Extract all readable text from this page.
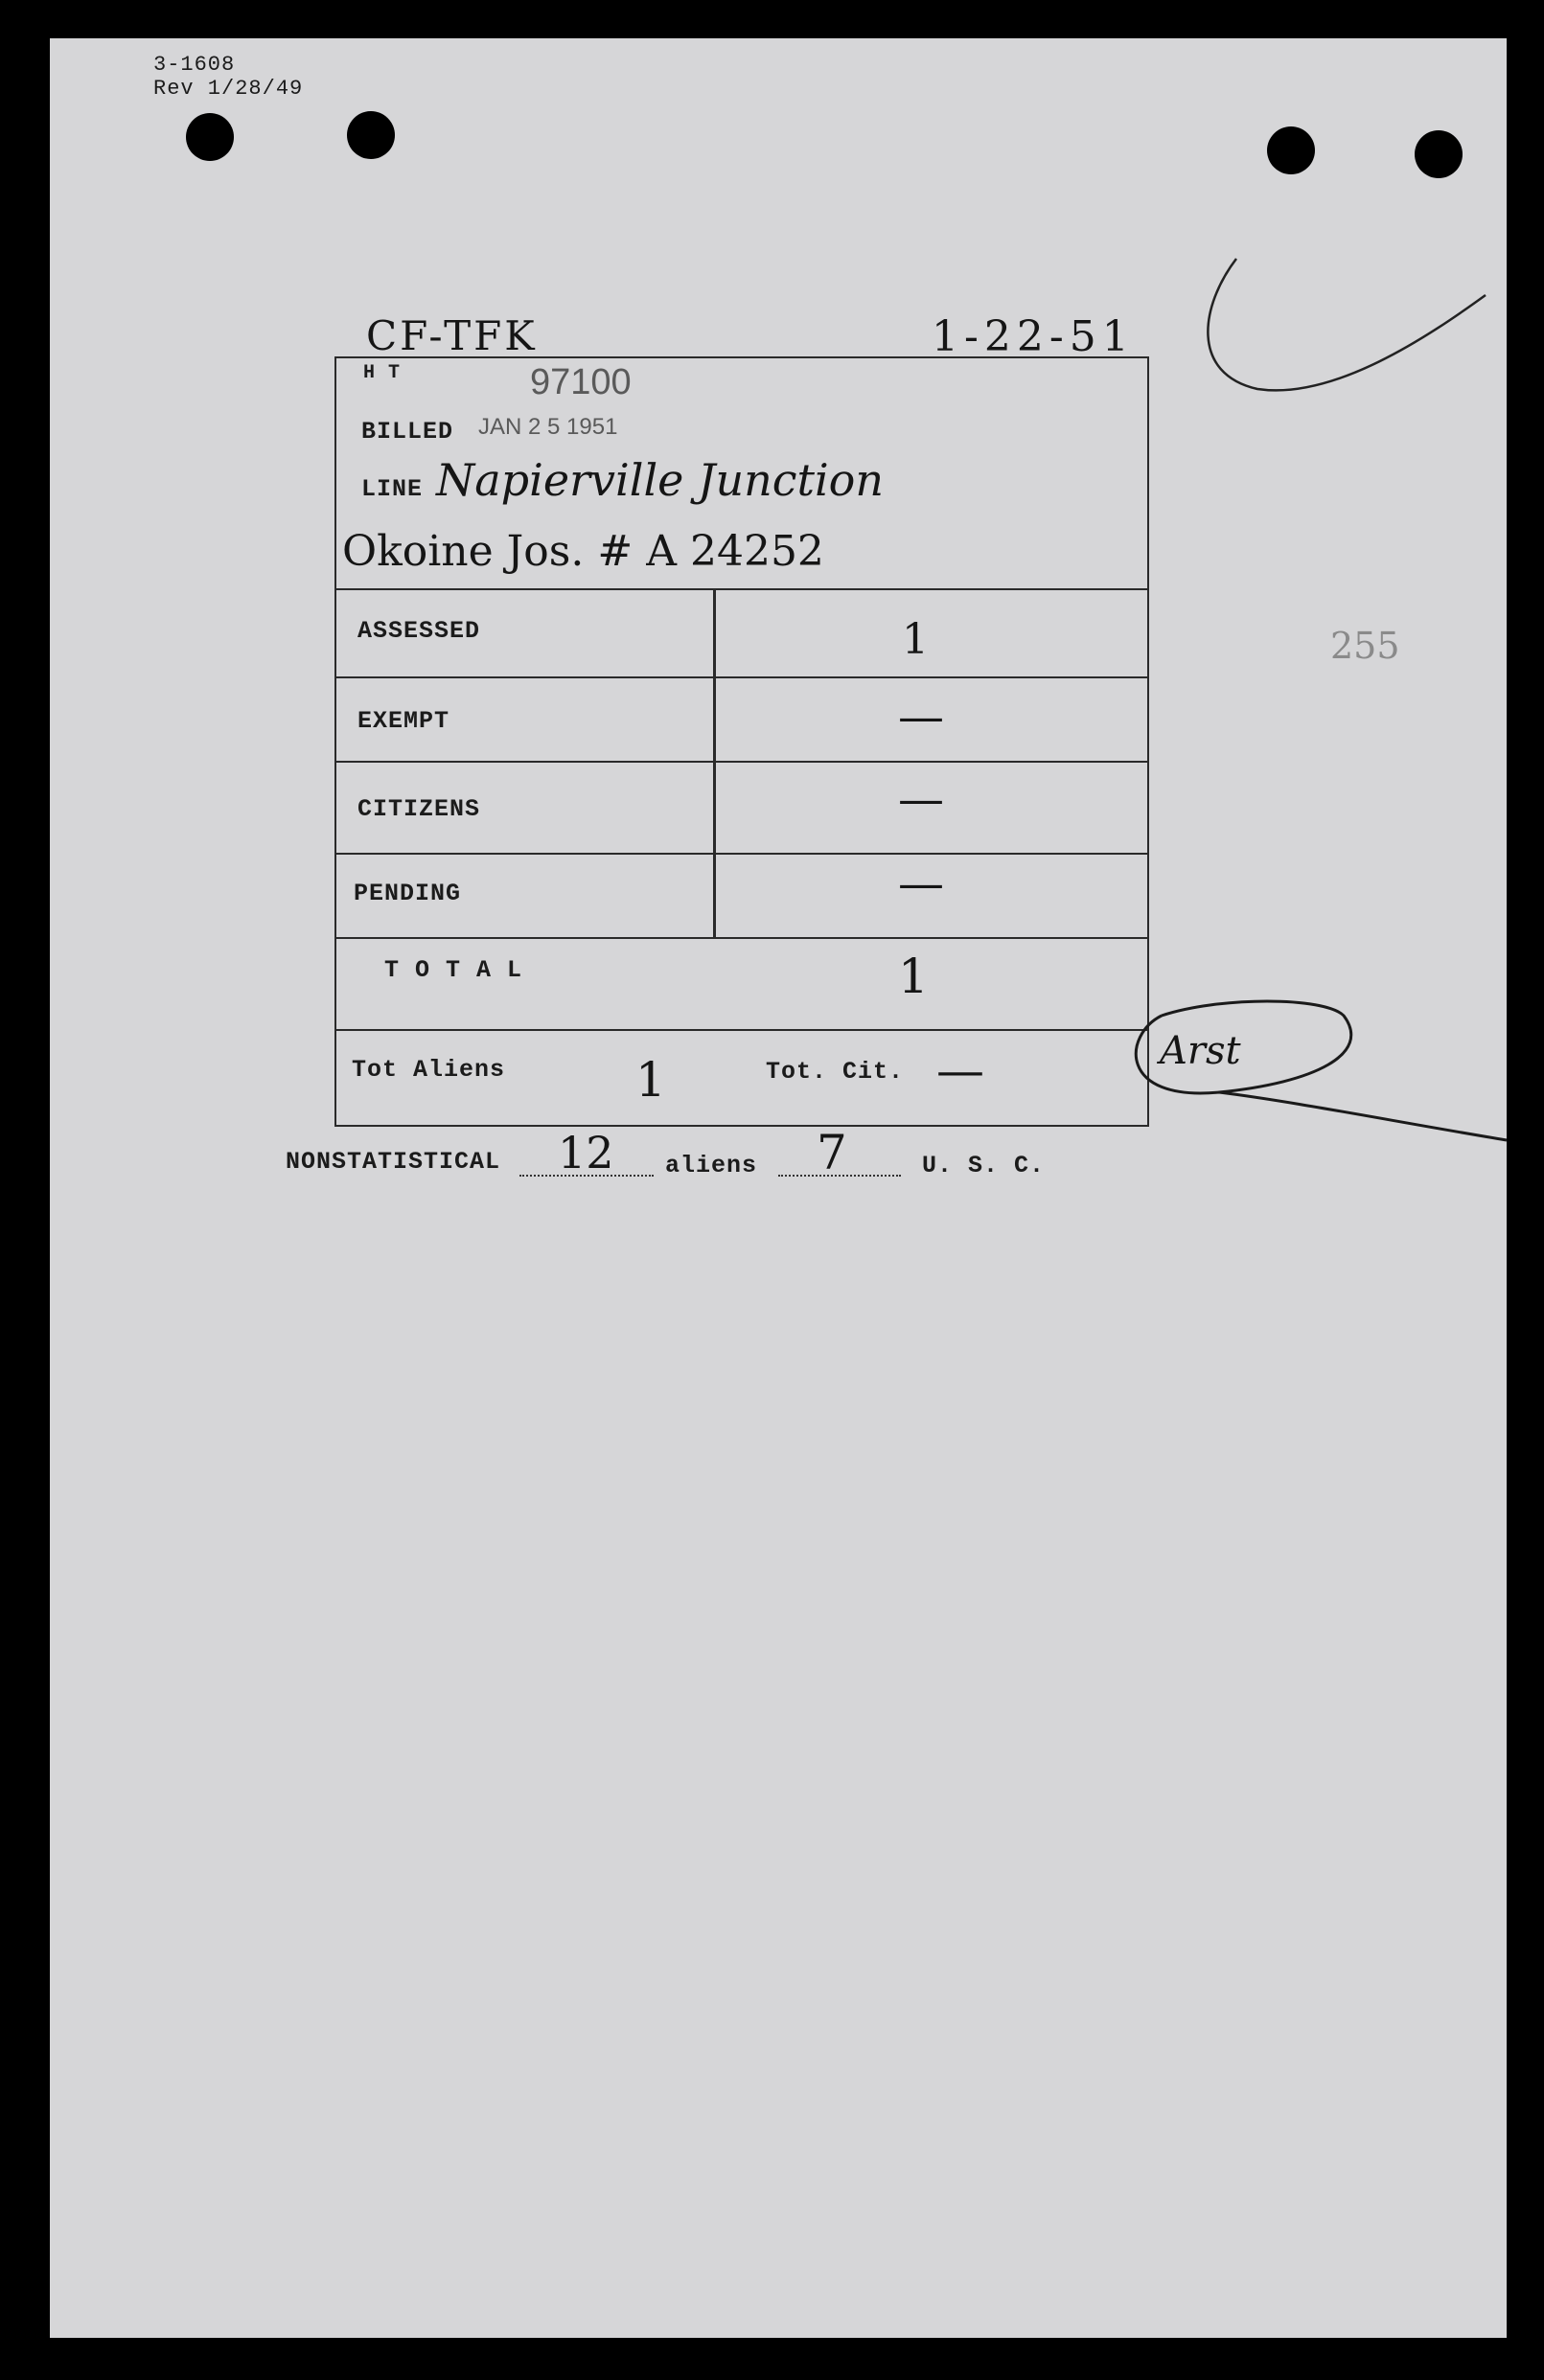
3-1608
Rev 1/28/49
255
CF-TFK	1-22-51
H T	97100
BILLED JAN 2 5 1951
LINE Napierville Junction
Okoine Jos. # A 24252
ASSESSED	1
EXEMPT	—
CITIZENS	—
PENDING	—
T O T A L	1
Tot Aliens	1	Tot. Cit. —	Arst
NONSTATISTICAL 12 aliens 7	U. S. C.
